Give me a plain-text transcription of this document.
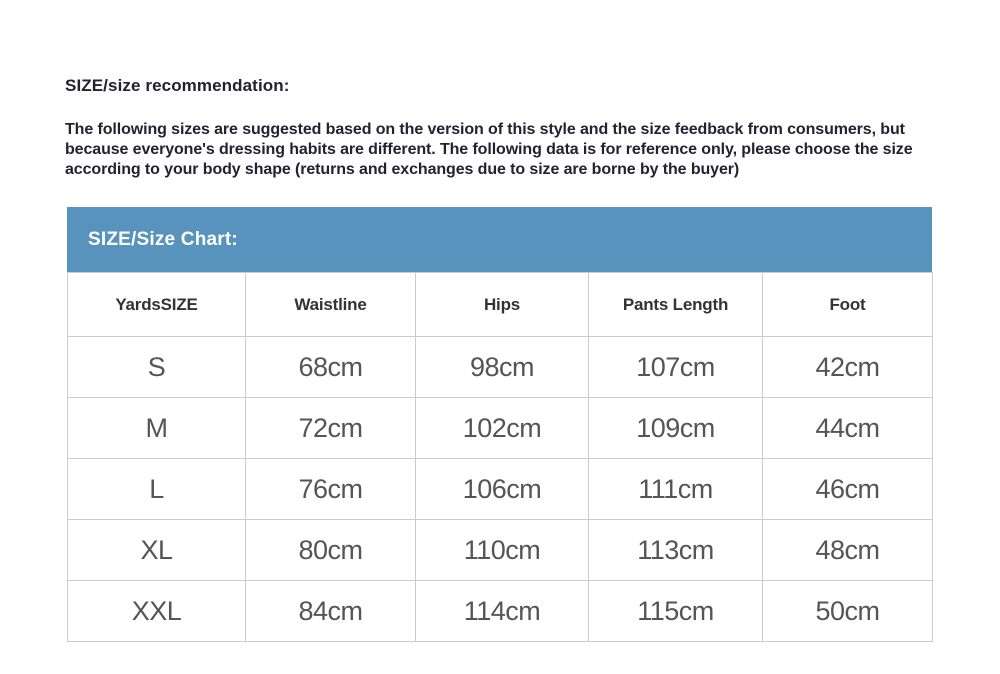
SIZE/size recommendation:
The following sizes are suggested based on the version of this style and the size feedback from consumers, but because everyone's dressing habits are different. The following data is for reference only, please choose the size according to your body shape (returns and exchanges due to size are borne by the buyer)
SIZE/Size Chart:
YardsSIZE	Waistline	Hips	Pants Length	Foot
S	68cm	98cm	107cm	42cm
M	72cm	102cm	109cm	44cm
L	76cm	106cm	111cm	46cm
XL	80cm	110cm	113cm	48cm
XXL	84cm	114cm	115cm	50cm
